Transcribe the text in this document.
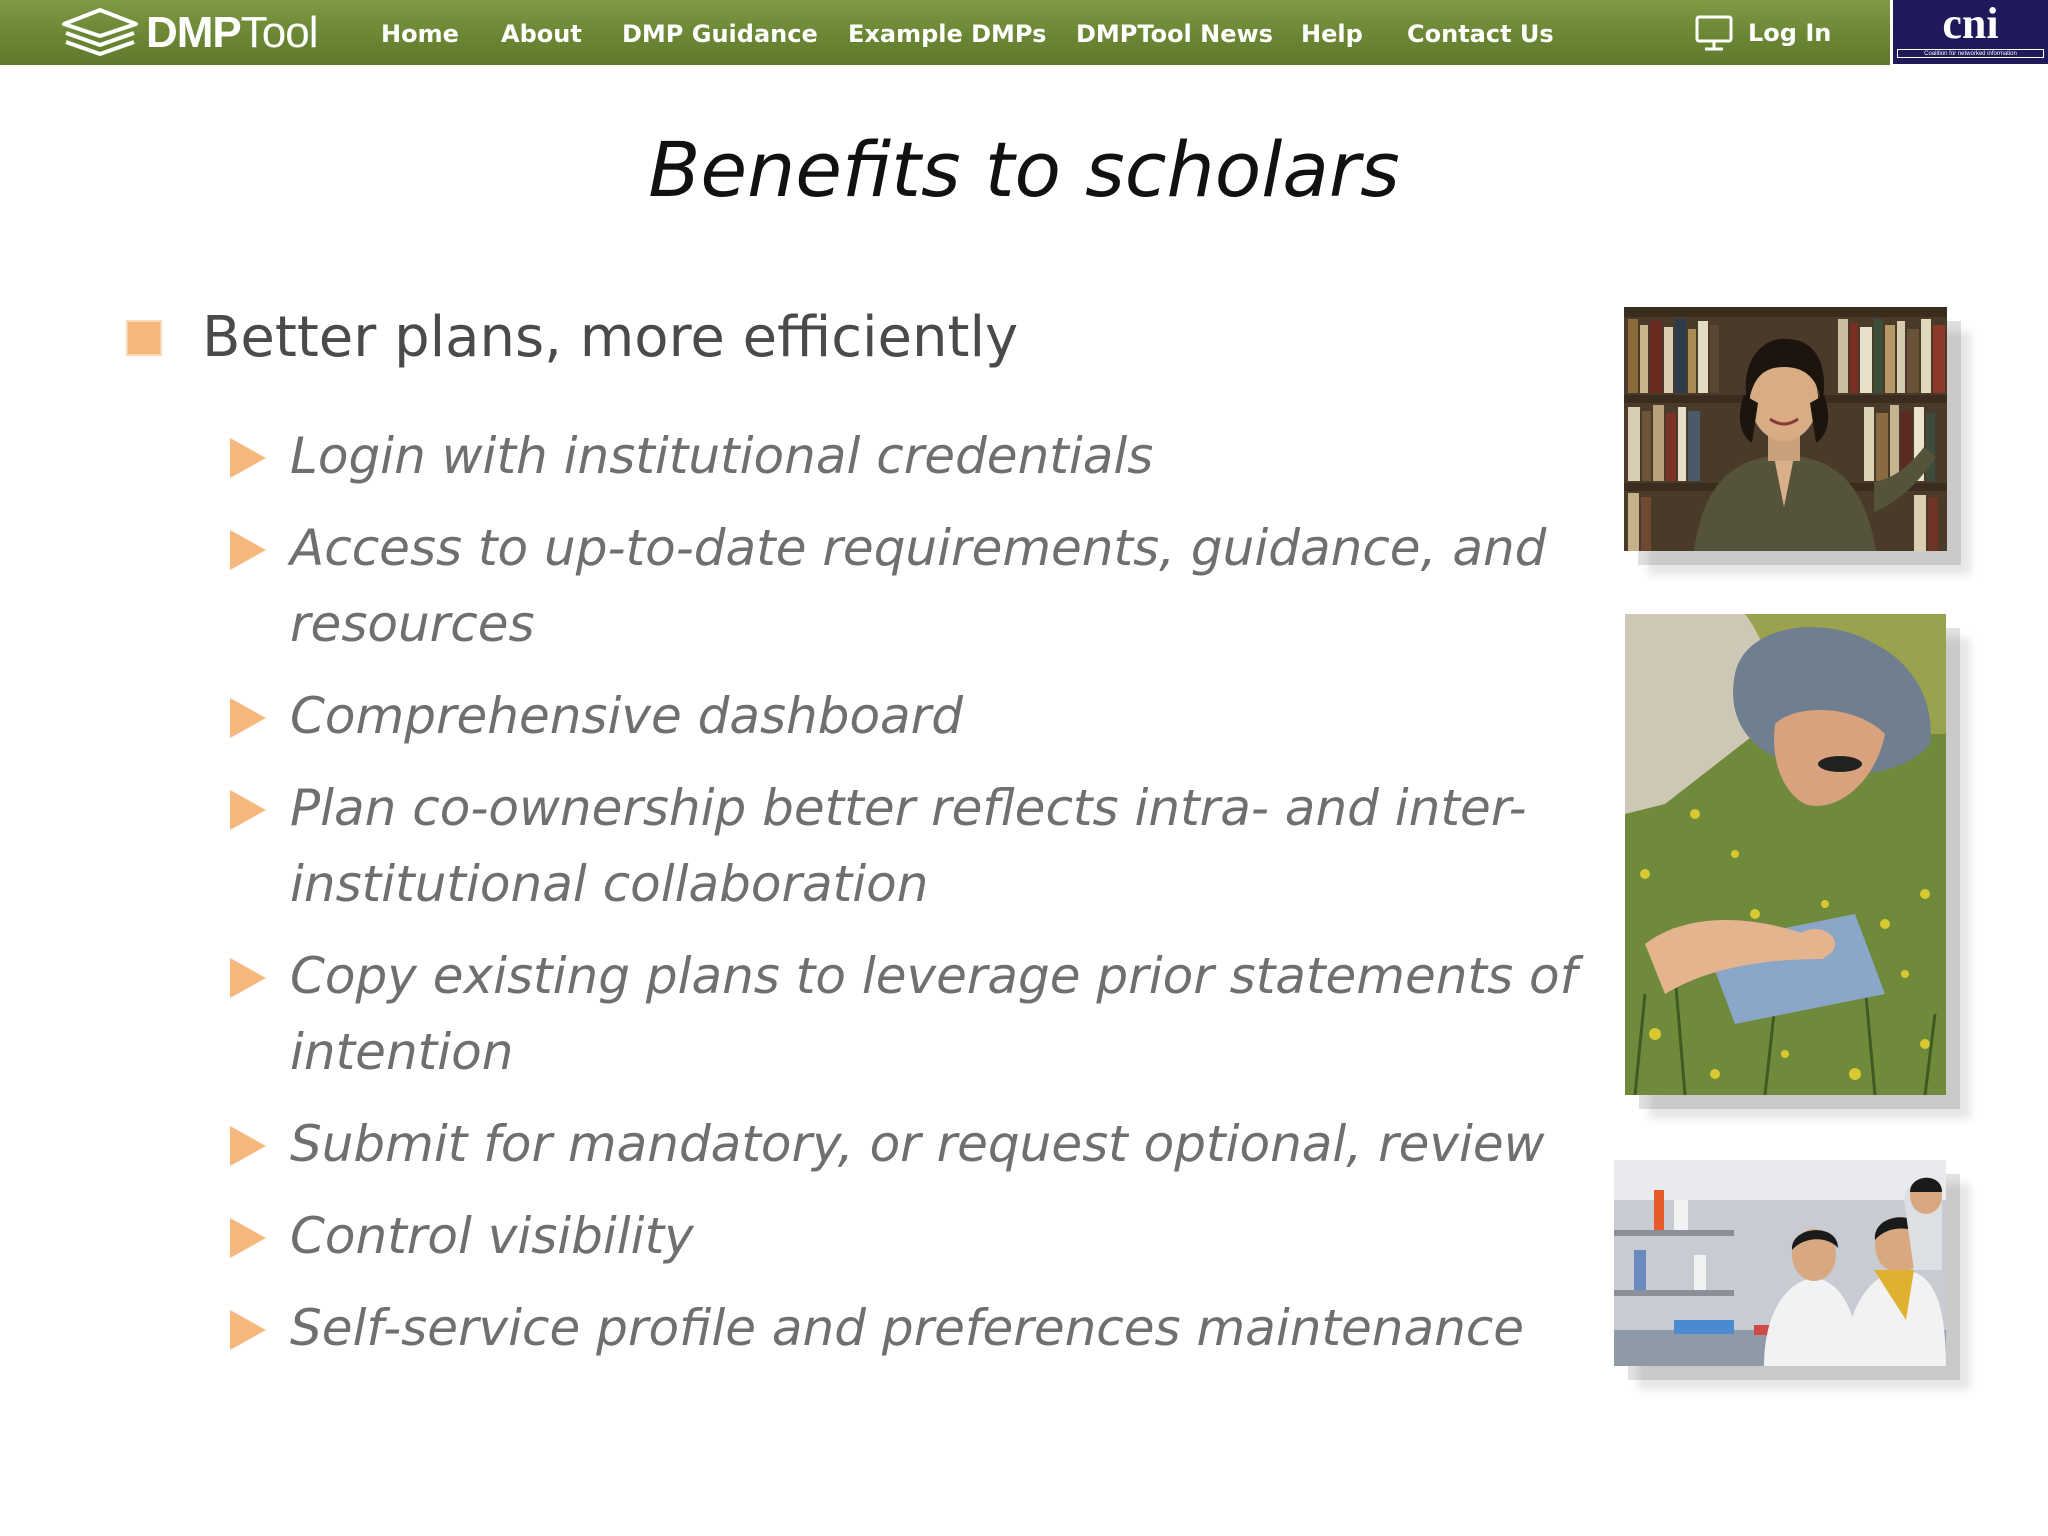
DMPTool	Home About DMP Guidance Example DMPs DMPTool News Help Contact Us	Log In	cni
Coalition for networked information
Benefits to scholars
Better plans, more efficiently
Login with institutional credentials
Access to up-to-date requirements, guidance, and resources
Comprehensive dashboard
Plan co-ownership better reflects intra- and inter-institutional collaboration
Copy existing plans to leverage prior statements of intention
Submit for mandatory, or request optional, review
Control visibility
Self-service profile and preferences maintenance
